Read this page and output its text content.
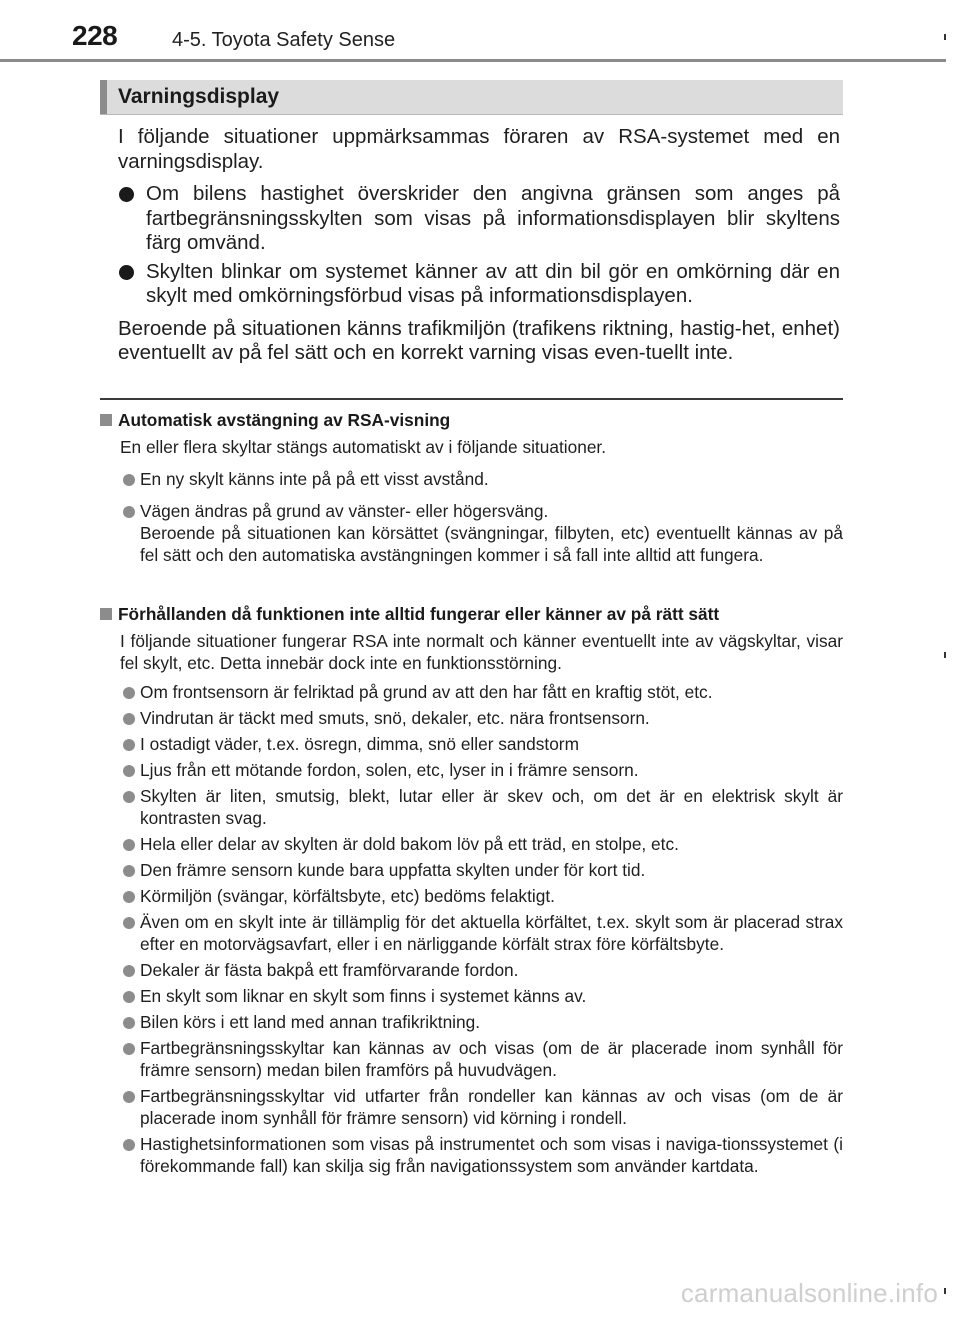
228	4-5. Toyota Safety Sense
Varningsdisplay

I följande situationer uppmärksammas föraren av RSA-systemet med en varningsdisplay.

Om bilens hastighet överskrider den angivna gränsen som anges på fartbegränsningsskylten som visas på informationsdisplayen blir skyltens färg omvänd.

Skylten blinkar om systemet känner av att din bil gör en omkörning där en skylt med omkörningsförbud visas på informationsdisplayen.

Beroende på situationen känns trafikmiljön (trafikens riktning, hastig-het, enhet) eventuellt av på fel sätt och en korrekt varning visas even-tuellt inte.

Automatisk avstängning av RSA-visning

En eller flera skyltar stängs automatiskt av i följande situationer.

En ny skylt känns inte på på ett visst avstånd.

Vägen ändras på grund av vänster- eller högersväng.

Beroende på situationen kan körsättet (svängningar, filbyten, etc) eventuellt kännas av på fel sätt och den automatiska avstängningen kommer i så fall inte alltid att fungera.

Förhållanden då funktionen inte alltid fungerar eller känner av på rätt sätt

I följande situationer fungerar RSA inte normalt och känner eventuellt inte av vägskyltar, visar fel skylt, etc. Detta innebär dock inte en funktionsstörning.

Om frontsensorn är felriktad på grund av att den har fått en kraftig stöt, etc.

Vindrutan är täckt med smuts, snö, dekaler, etc. nära frontsensorn.

I ostadigt väder, t.ex. ösregn, dimma, snö eller sandstorm

Ljus från ett mötande fordon, solen, etc, lyser in i främre sensorn.

Skylten är liten, smutsig, blekt, lutar eller är skev och, om det är en elektrisk skylt är kontrasten svag.

Hela eller delar av skylten är dold bakom löv på ett träd, en stolpe, etc.

Den främre sensorn kunde bara uppfatta skylten under för kort tid.

Körmiljön (svängar, körfältsbyte, etc) bedöms felaktigt.

Även om en skylt inte är tillämplig för det aktuella körfältet, t.ex. skylt som är placerad strax efter en motorvägsavfart, eller i en närliggande körfält strax före körfältsbyte.

Dekaler är fästa bakpå ett framförvarande fordon.

En skylt som liknar en skylt som finns i systemet känns av.

Bilen körs i ett land med annan trafikriktning.

Fartbegränsningsskyltar kan kännas av och visas (om de är placerade inom synhåll för främre sensorn) medan bilen framförs på huvudvägen.

Fartbegränsningsskyltar vid utfarter från rondeller kan kännas av och visas (om de är placerade inom synhåll för främre sensorn) vid körning i rondell.

Hastighetsinformationen som visas på instrumentet och som visas i naviga-tionssystemet (i förekommande fall) kan skilja sig från navigationssystem som använder kartdata.

carmanualsonline.info
